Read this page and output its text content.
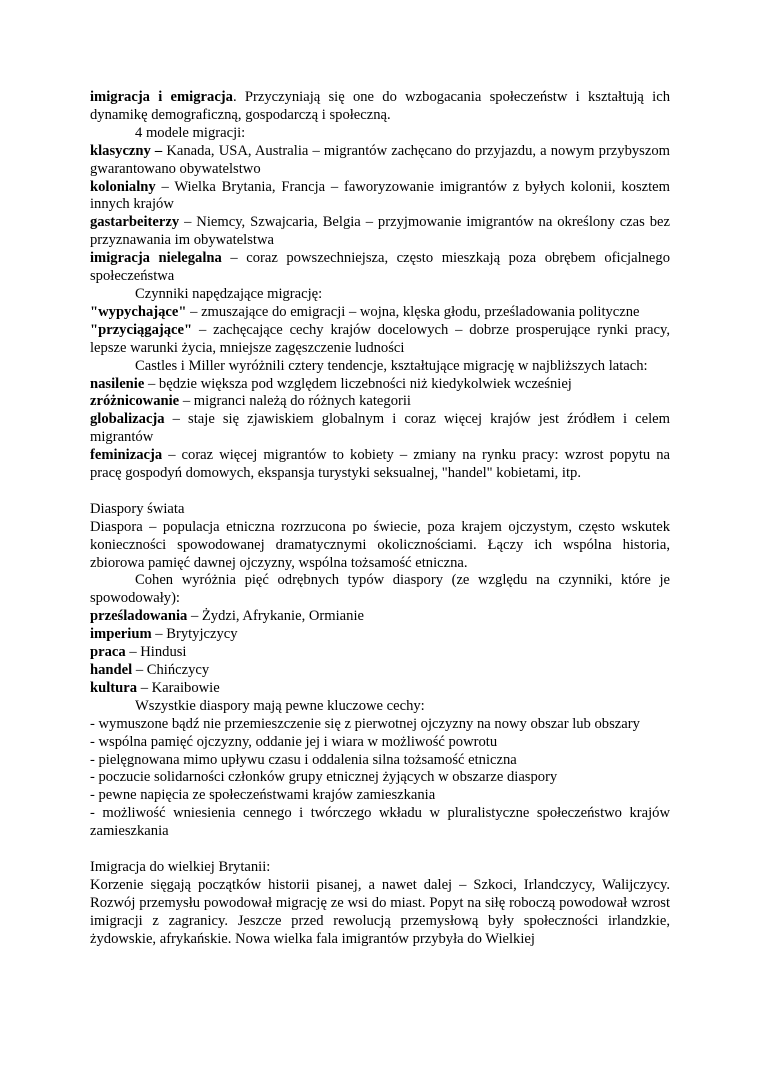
imigracja i emigracja. Przyczyniają się one do wzbogacania społeczeństw i kształtują ich dynamikę demograficzną, gospodarczą i społeczną.

4 modele migracji:

klasyczny – Kanada, USA, Australia – migrantów zachęcano do przyjazdu, a nowym przybyszom gwarantowano obywatelstwo

kolonialny – Wielka Brytania, Francja – faworyzowanie imigrantów z byłych kolonii, kosztem innych krajów

gastarbeiterzy – Niemcy, Szwajcaria, Belgia – przyjmowanie imigrantów na określony czas bez przyznawania im obywatelstwa

imigracja nielegalna – coraz powszechniejsza, często mieszkają poza obrębem oficjalnego społeczeństwa

Czynniki napędzające migrację:

"wypychające" – zmuszające do emigracji – wojna, klęska głodu, prześladowania polityczne

"przyciągające" – zachęcające cechy krajów docelowych – dobrze prosperujące rynki pracy, lepsze warunki życia, mniejsze zagęszczenie ludności

Castles i Miller wyróżnili cztery tendencje, kształtujące migrację w najbliższych latach:

nasilenie – będzie większa pod względem liczebności niż kiedykolwiek wcześniej

zróżnicowanie – migranci należą do różnych kategorii

globalizacja – staje się zjawiskiem globalnym i coraz więcej krajów jest źródłem i celem migrantów

feminizacja – coraz więcej migrantów to kobiety – zmiany na rynku pracy: wzrost popytu na pracę gospodyń domowych, ekspansja turystyki seksualnej, "handel" kobietami, itp.

Diaspory świata

Diaspora – populacja etniczna rozrzucona po świecie, poza krajem ojczystym, często wskutek konieczności spowodowanej dramatycznymi okolicznościami. Łączy ich wspólna historia, zbiorowa pamięć dawnej ojczyzny, wspólna tożsamość etniczna.

Cohen wyróżnia pięć odrębnych typów diaspory (ze względu na czynniki, które je spowodowały):

prześladowania – Żydzi, Afrykanie, Ormianie

imperium – Brytyjczycy

praca – Hindusi

handel – Chińczycy

kultura – Karaibowie

Wszystkie diaspory mają pewne kluczowe cechy:

- wymuszone bądź nie przemieszczenie się z pierwotnej ojczyzny na nowy obszar lub obszary

- wspólna pamięć ojczyzny, oddanie jej i wiara w możliwość powrotu

- pielęgnowana mimo upływu czasu i oddalenia silna tożsamość etniczna

- poczucie solidarności członków grupy etnicznej żyjących w obszarze diaspory

- pewne napięcia ze społeczeństwami krajów zamieszkania

- możliwość wniesienia cennego i twórczego wkładu w pluralistyczne społeczeństwo krajów zamieszkania

Imigracja do wielkiej Brytanii:

Korzenie sięgają początków historii pisanej, a nawet dalej – Szkoci, Irlandczycy, Walijczycy. Rozwój przemysłu powodował migrację ze wsi do miast. Popyt na siłę roboczą powodował wzrost imigracji z zagranicy. Jeszcze przed rewolucją przemysłową były społeczności irlandzkie, żydowskie, afrykańskie. Nowa wielka fala imigrantów przybyła do Wielkiej
